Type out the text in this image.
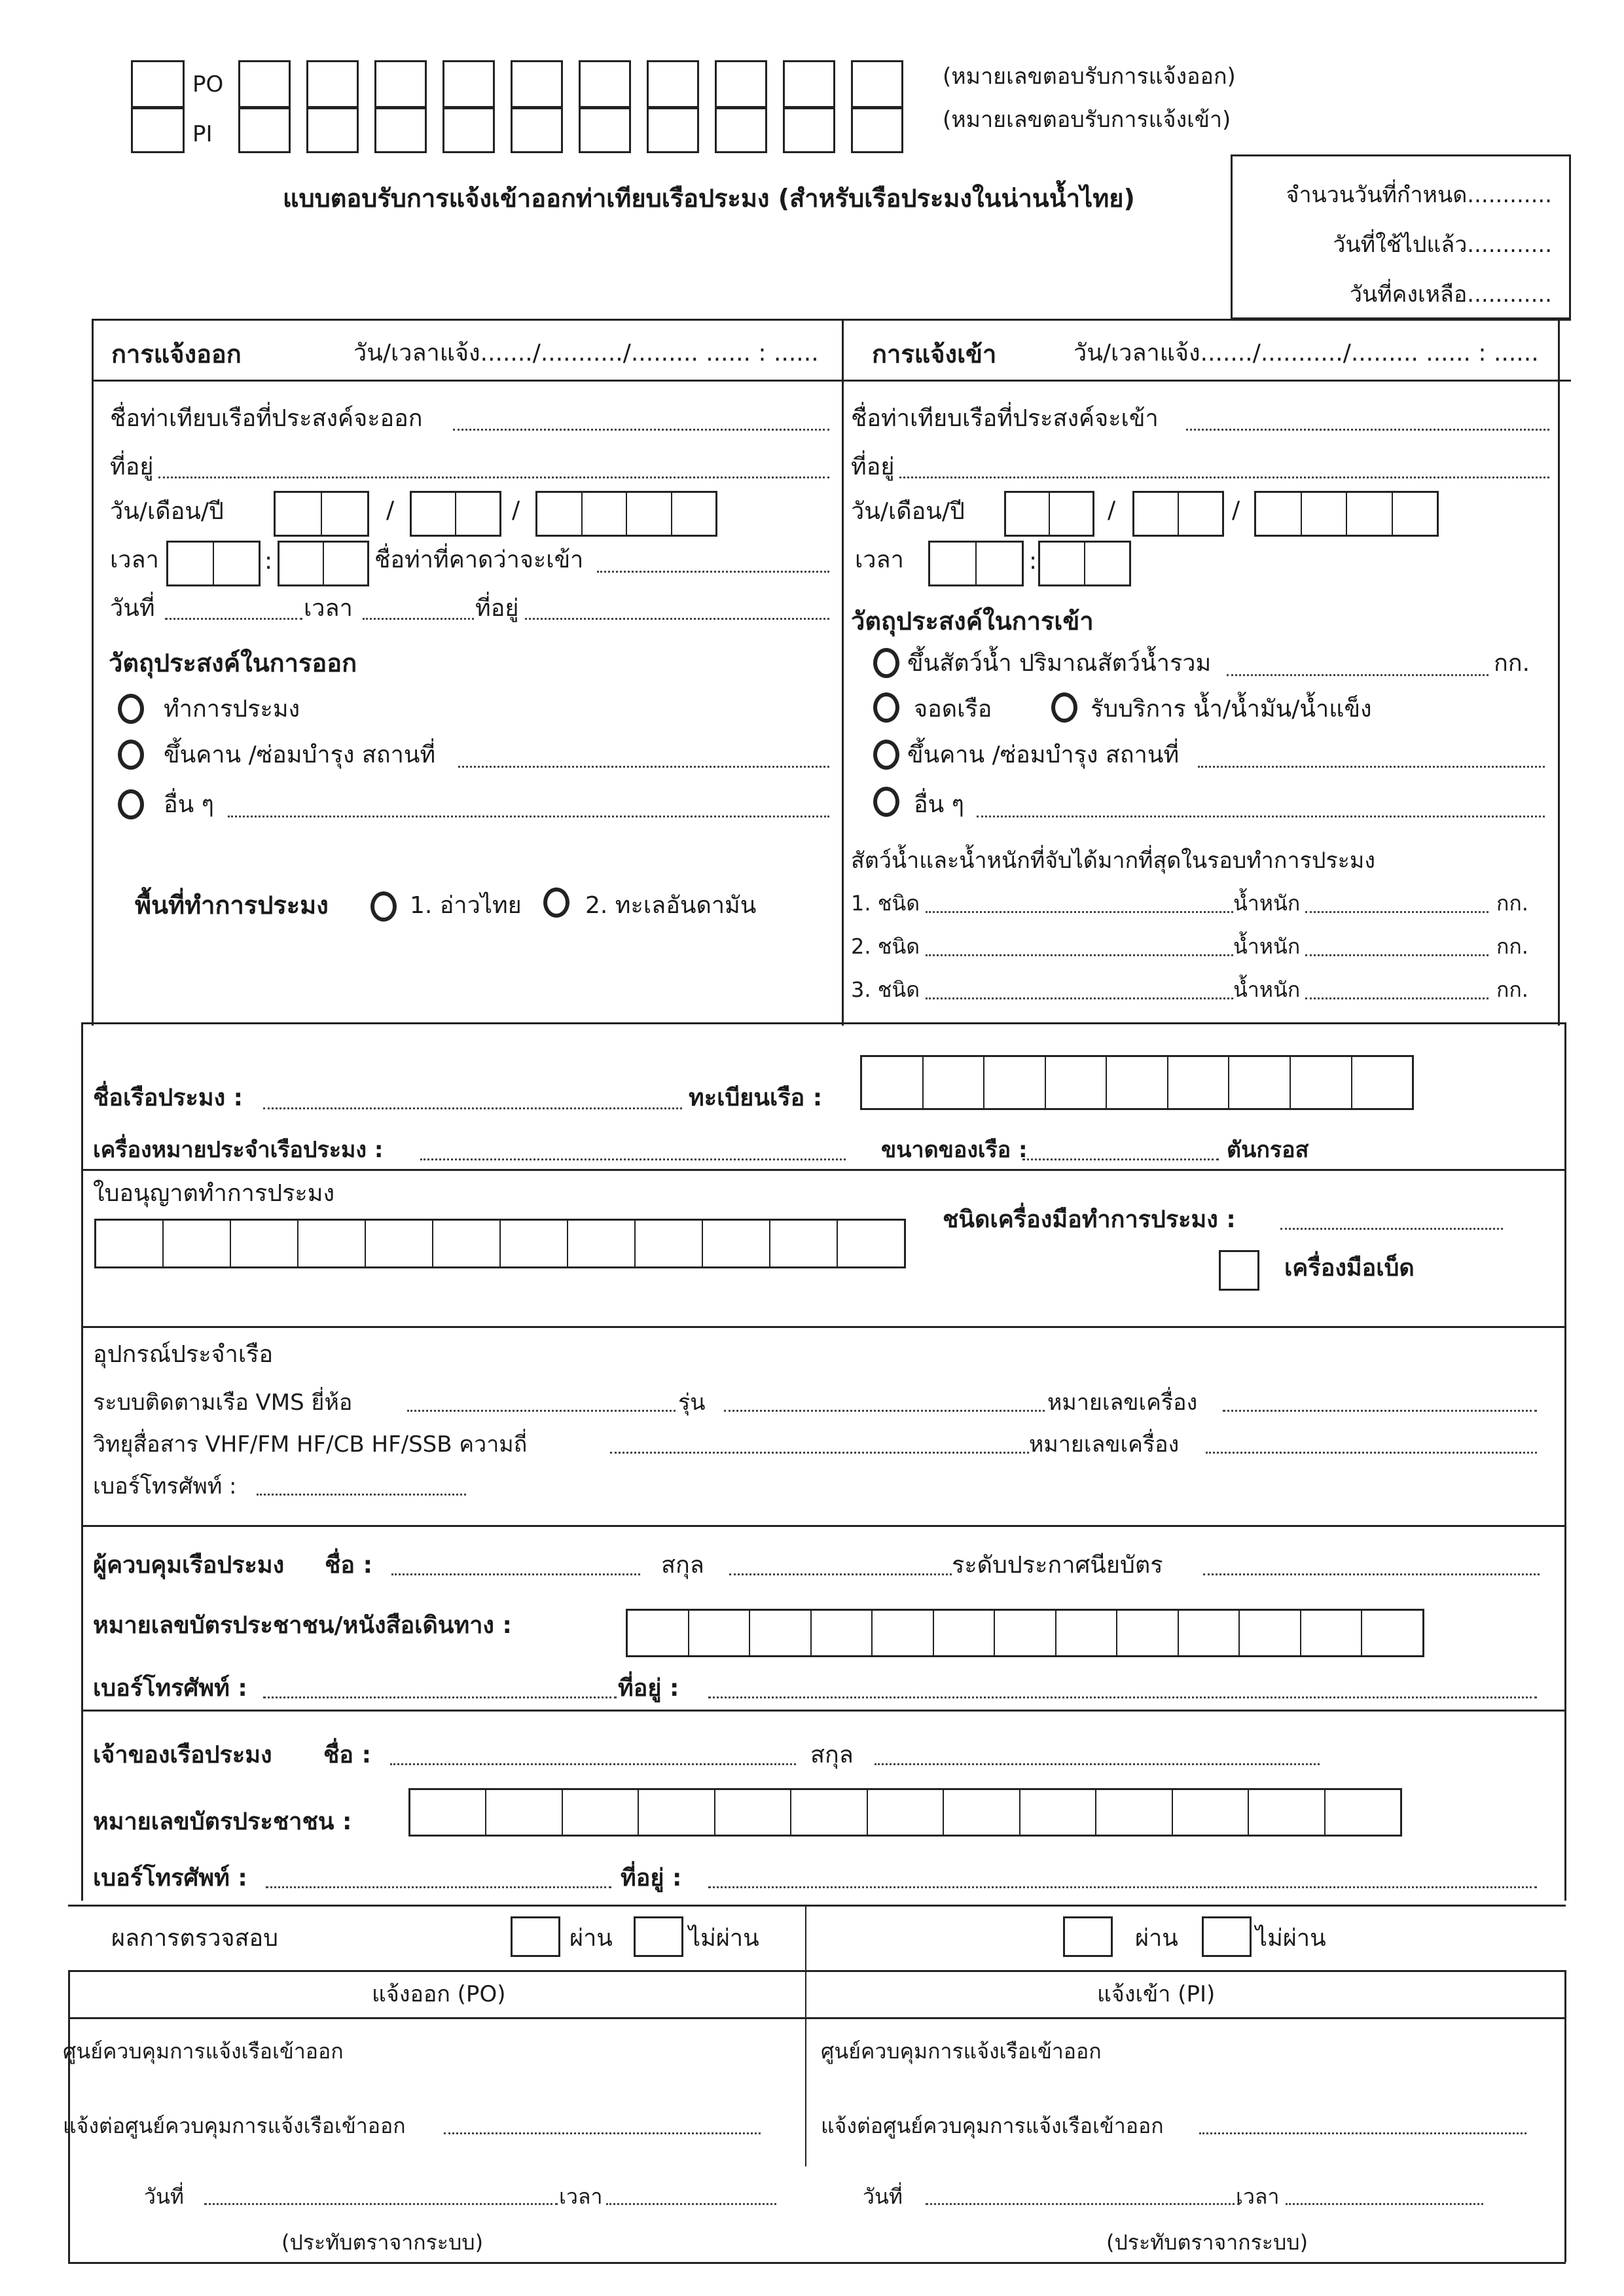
PO
PI
(หมายเลขตอบรับการแจ้งออก)
(หมายเลขตอบรับการแจ้งเข้า)
แบบตอบรับการแจ้งเข้าออกท่าเทียบเรือประมง (สำหรับเรือประมงในน่านน้ำไทย)	จำนวนวันที่กำหนด............
วันที่ใช้ไปแล้ว............
วันที่คงเหลือ............
การแจ้งออก	วัน/เวลาแจ้ง......./.........../......... ...... : ......
ชื่อท่าเทียบเรือที่ประสงค์จะออก
ที่อยู่
วัน/เดือน/ปี	/	/
เวลา	:	ชื่อท่าที่คาดว่าจะเข้า
วันที่	เวลา	ที่อยู่
วัตถุประสงค์ในการออก
ทำการประมง
ขึ้นคาน /ซ่อมบำรุง สถานที่
อื่น ๆ
พื้นที่ทำการประมง	1. อ่าวไทย	2. ทะเลอันดามัน
การแจ้งเข้า	วัน/เวลาแจ้ง......./.........../......... ...... : ......
ชื่อท่าเทียบเรือที่ประสงค์จะเข้า
ที่อยู่
วัน/เดือน/ปี	/	/
เวลา	:
วัตถุประสงค์ในการเข้า
ขึ้นสัตว์น้ำ ปริมาณสัตว์น้ำรวม	กก.
จอดเรือ	รับบริการ น้ำ/น้ำมัน/น้ำแข็ง
ขึ้นคาน /ซ่อมบำรุง สถานที่
อื่น ๆ
สัตว์น้ำและน้ำหนักที่จับได้มากที่สุดในรอบทำการประมง
1. ชนิด	น้ำหนัก	กก.
2. ชนิด	น้ำหนัก	กก.
3. ชนิด	น้ำหนัก	กก.
ชื่อเรือประมง :	ทะเบียนเรือ :
เครื่องหมายประจำเรือประมง :	ขนาดของเรือ :	ตันกรอส
ใบอนุญาตทำการประมง
ชนิดเครื่องมือทำการประมง :
เครื่องมือเบ็ด
อุปกรณ์ประจำเรือ
ระบบติดตามเรือ VMS ยี่ห้อ	รุ่น	หมายเลขเครื่อง
วิทยุสื่อสาร VHF/FM HF/CB HF/SSB ความถี่	หมายเลขเครื่อง
เบอร์โทรศัพท์ :
ผู้ควบคุมเรือประมง ชื่อ :	สกุล	ระดับประกาศนียบัตร
หมายเลขบัตรประชาชน/หนังสือเดินทาง :
เบอร์โทรศัพท์ :	ที่อยู่ :
เจ้าของเรือประมง ชื่อ :	สกุล
หมายเลขบัตรประชาชน :
เบอร์โทรศัพท์ :	ที่อยู่ :
ผลการตรวจสอบ	ผ่าน	ไม่ผ่าน	ผ่าน	ไม่ผ่าน
แจ้งออก (PO)	แจ้งเข้า (PI)
ศูนย์ควบคุมการแจ้งเรือเข้าออก
แจ้งต่อศูนย์ควบคุมการแจ้งเรือเข้าออก
วันที่	เวลา
(ประทับตราจากระบบ)
ศูนย์ควบคุมการแจ้งเรือเข้าออก
แจ้งต่อศูนย์ควบคุมการแจ้งเรือเข้าออก
วันที่	เวลา
(ประทับตราจากระบบ)
